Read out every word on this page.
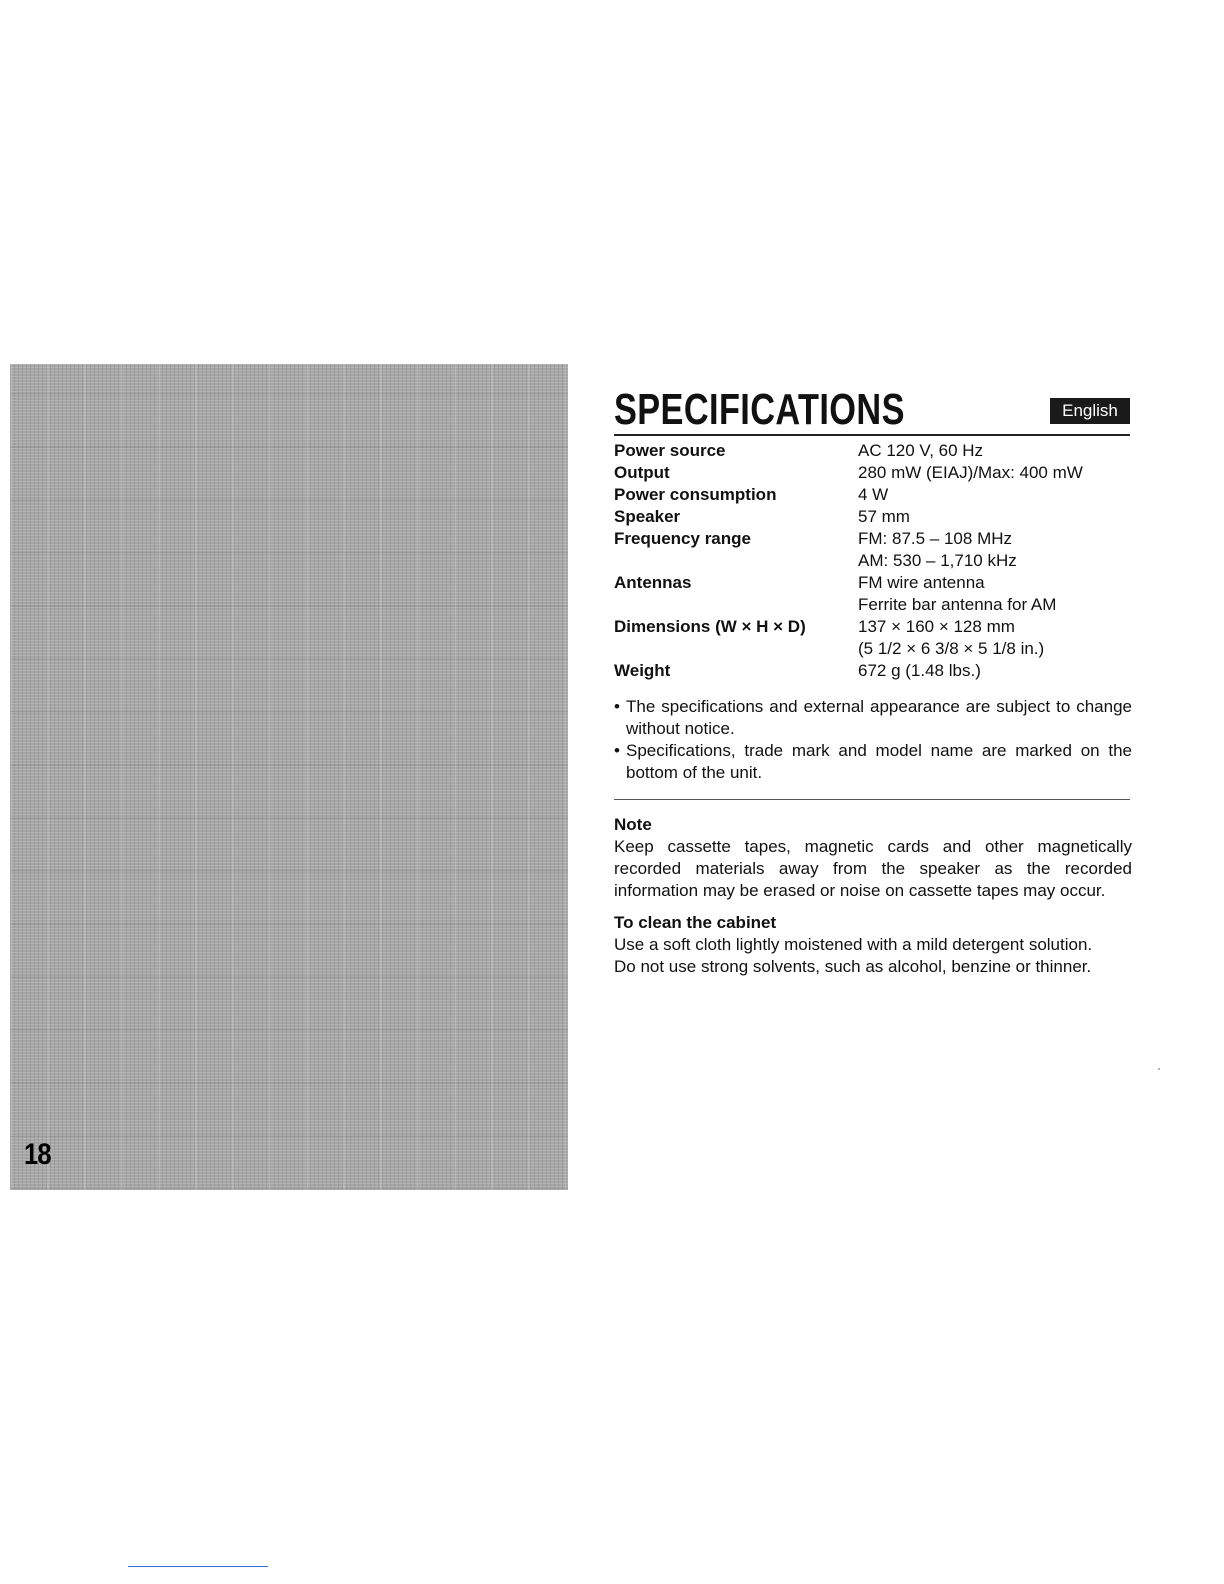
18
SPECIFICATIONS	English
Power source	AC 120 V, 60 Hz
Output	280 mW (EIAJ)/Max: 400 mW
Power consumption	4 W
Speaker	57 mm
Frequency range	FM: 87.5 – 108 MHz
AM: 530 – 1,710 kHz
Antennas	FM wire antenna
Ferrite bar antenna for AM
Dimensions (W × H × D)	137 × 160 × 128 mm
(5 1/2 × 6 3/8 × 5 1/8 in.)
Weight	672 g (1.48 lbs.)
• The specifications and external appearance are subject to change without notice.
• Specifications, trade mark and model name are marked on the bottom of the unit.
Note

Keep cassette tapes, magnetic cards and other magnetically recorded materials away from the speaker as the recorded information may be erased or noise on cassette tapes may occur.

To clean the cabinet

Use a soft cloth lightly moistened with a mild detergent solution.

Do not use strong solvents, such as alcohol, benzine or thinner.
